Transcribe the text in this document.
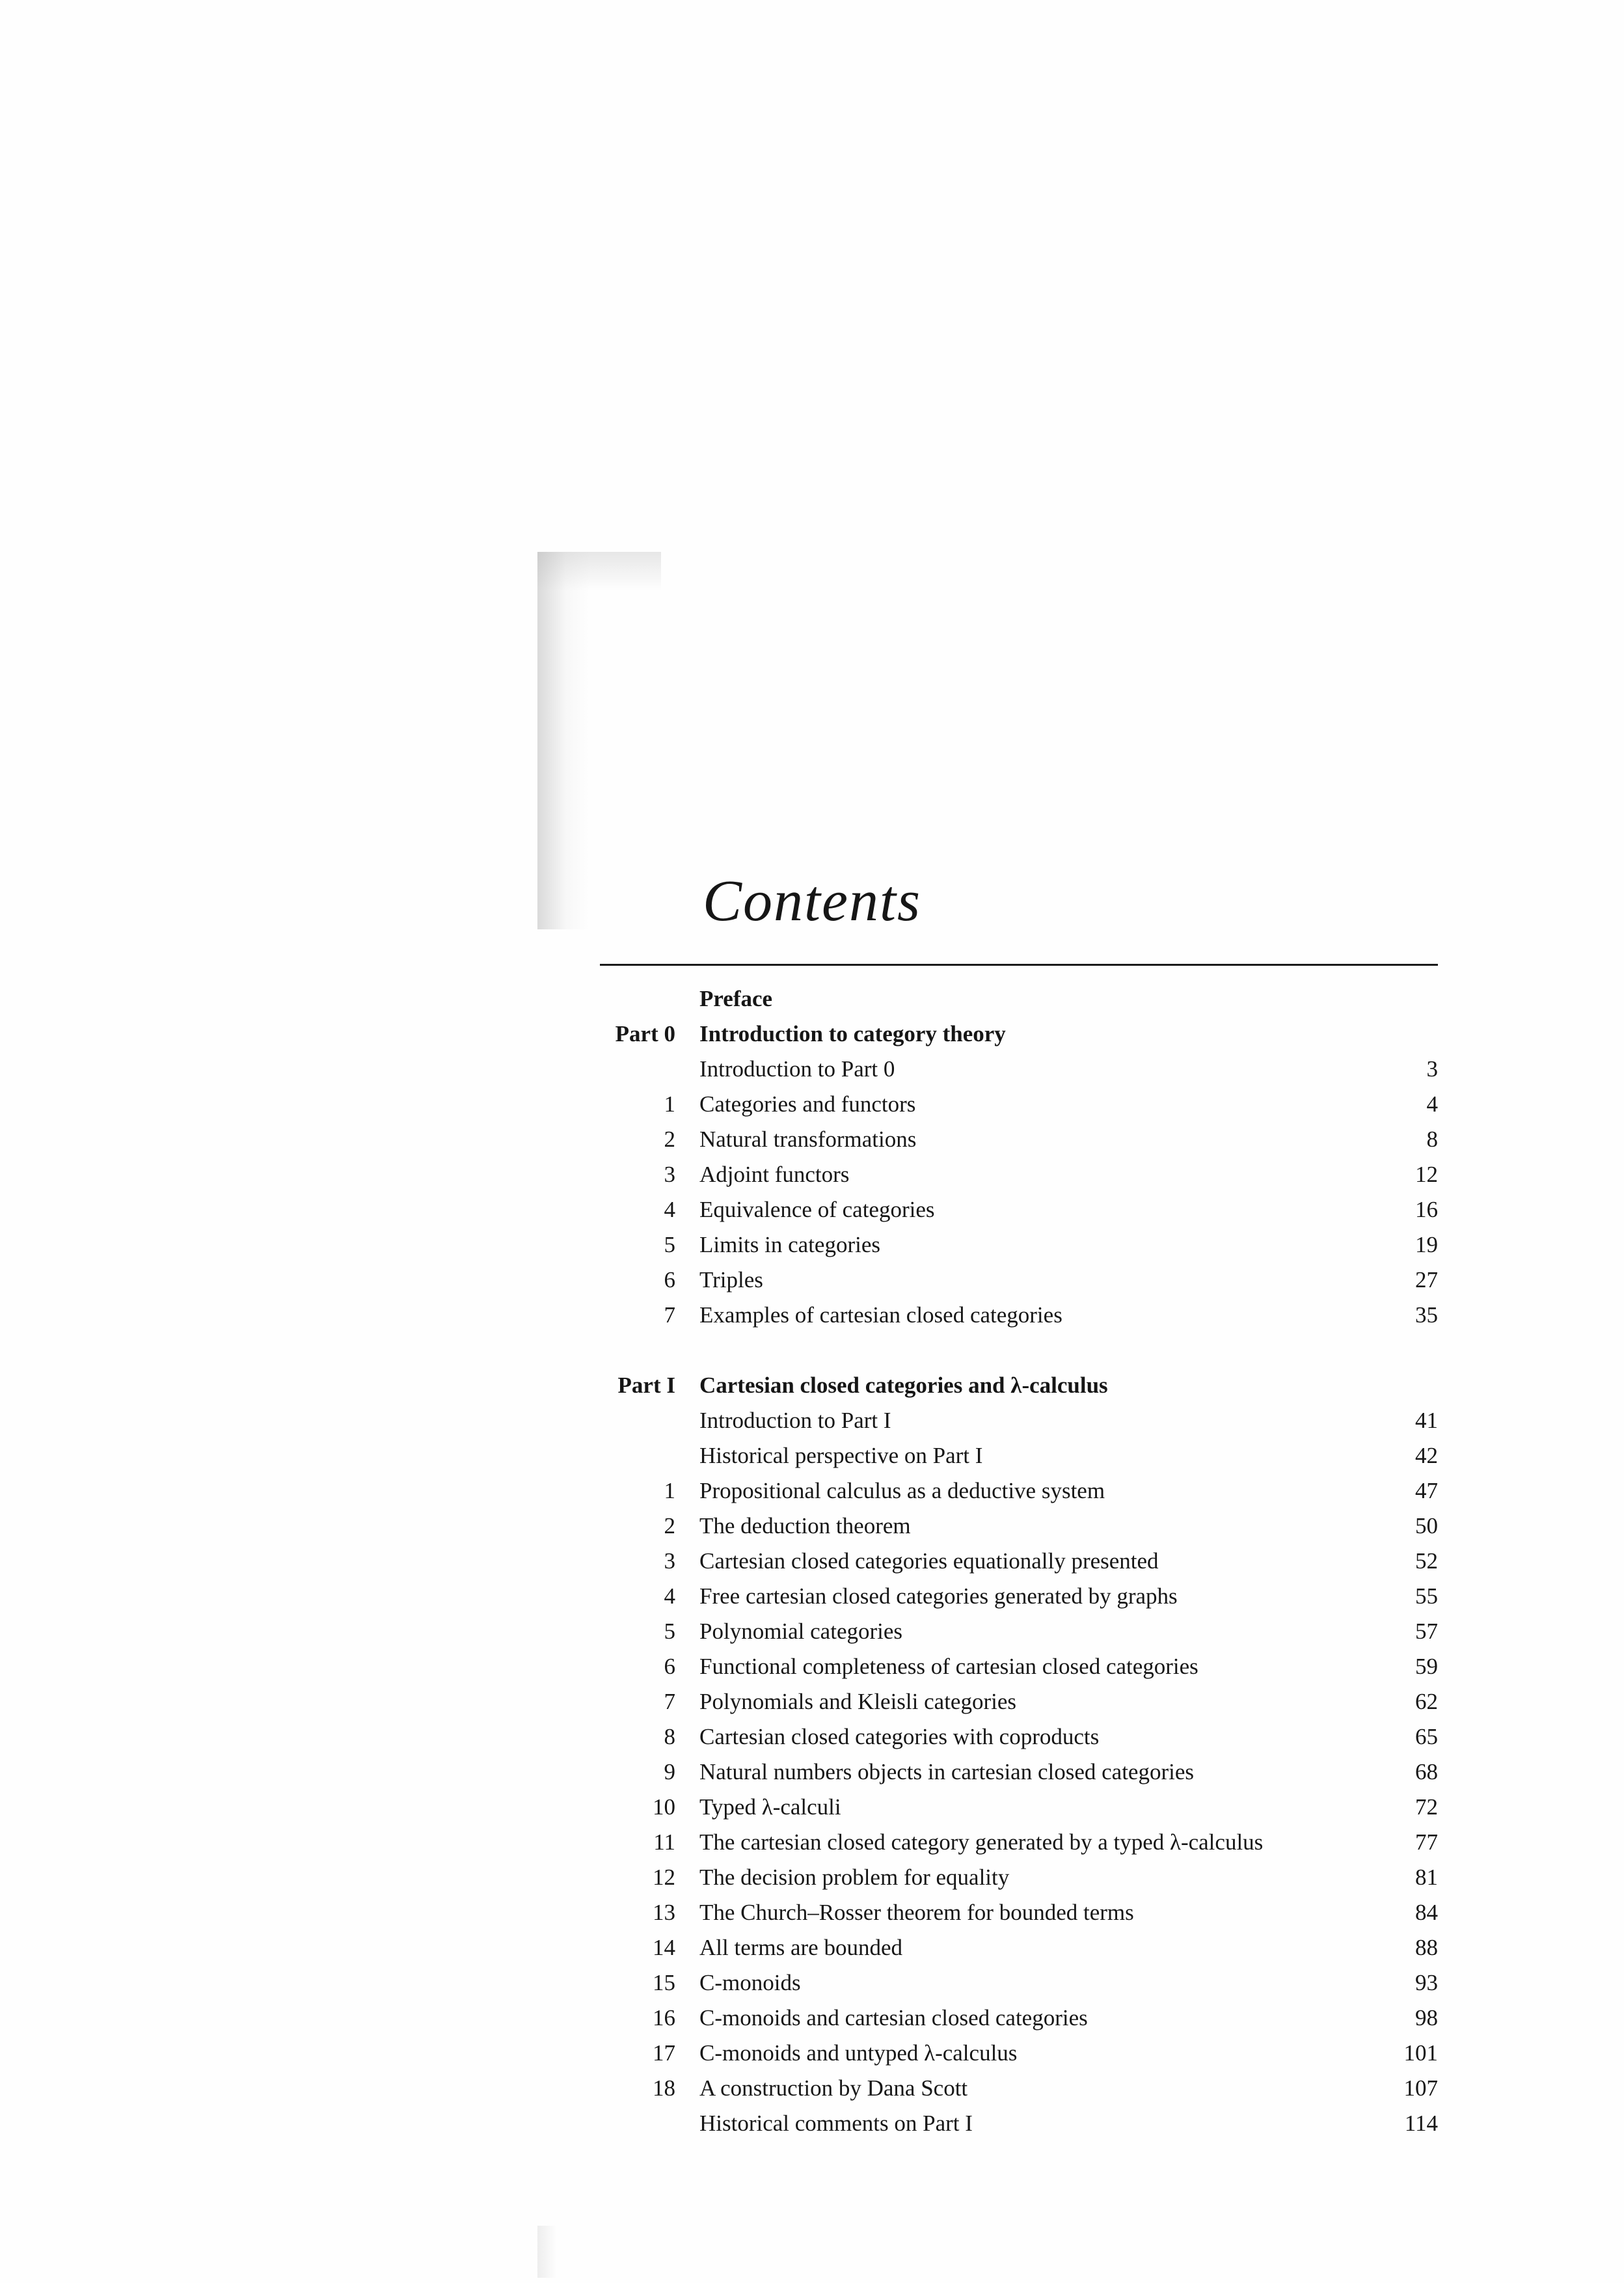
Contents
Preface
Part 0 Introduction to category theory
Introduction to Part 0	3
1 Categories and functors	4
2 Natural transformations	8
3 Adjoint functors	12
4 Equivalence of categories	16
5 Limits in categories	19
6 Triples	27
7 Examples of cartesian closed categories	35
Part I Cartesian closed categories and λ-calculus
Introduction to Part I	41
Historical perspective on Part I	42
1 Propositional calculus as a deductive system	47
2 The deduction theorem	50
3 Cartesian closed categories equationally presented	52
4 Free cartesian closed categories generated by graphs	55
5 Polynomial categories	57
6 Functional completeness of cartesian closed categories	59
7 Polynomials and Kleisli categories	62
8 Cartesian closed categories with coproducts	65
9 Natural numbers objects in cartesian closed categories	68
10 Typed λ-calculi	72
11 The cartesian closed category generated by a typed λ-calculus	77
12 The decision problem for equality	81
13 The Church–Rosser theorem for bounded terms	84
14 All terms are bounded	88
15 C-monoids	93
16 C-monoids and cartesian closed categories	98
17 C-monoids and untyped λ-calculus	101
18 A construction by Dana Scott	107
Historical comments on Part I	114
